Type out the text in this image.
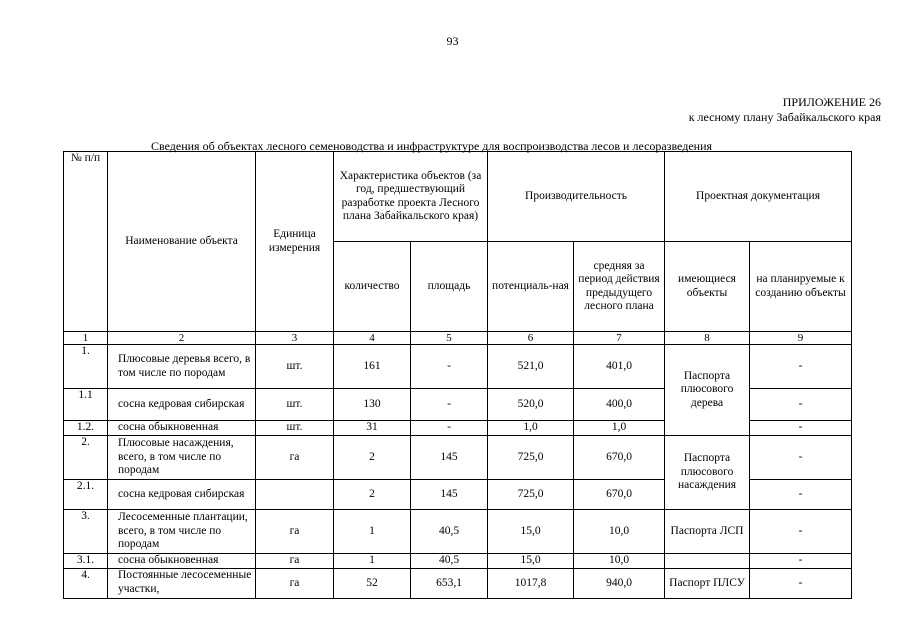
93
ПРИЛОЖЕНИЕ 26
к лесному плану Забайкальского края
Сведения об объектах лесного семеноводства и инфраструктуре для воспроизводства лесов и лесоразведения
№ п/п	Наименование объекта	Единица измерения	Характеристика объектов (за год, предшествующий разработке проекта Лесного плана Забайкальского края)		Производительность		Проектная документация	
			количество	площадь	потенциаль-ная	средняя за период действия предыдущего лесного плана	имеющиеся объекты	на планируемые к созданию объекты
1	2	3	4	5	6	7	8	9
1.	Плюсовые деревья всего, в том числе по породам	шт.	161	-	521,0	401,0	Паспорта плюсового дерева	-
1.1	сосна кедровая сибирская	шт.	130	-	520,0	400,0		-
1.2.	сосна обыкновенная	шт.	31	-	1,0	1,0		-
2.	Плюсовые насаждения, всего, в том числе по породам	га	2	145	725,0	670,0	Паспорта плюсового насаждения	-
2.1.	сосна кедровая сибирская		2	145	725,0	670,0		-
3.	Лесосеменные плантации, всего, в том числе по породам	га	1	40,5	15,0	10,0	Паспорта ЛСП	-
3.1.	сосна обыкновенная	га	1	40,5	15,0	10,0		-
4.	Постоянные лесосеменные участки,	га	52	653,1	1017,8	940,0	Паспорт ПЛСУ	-
